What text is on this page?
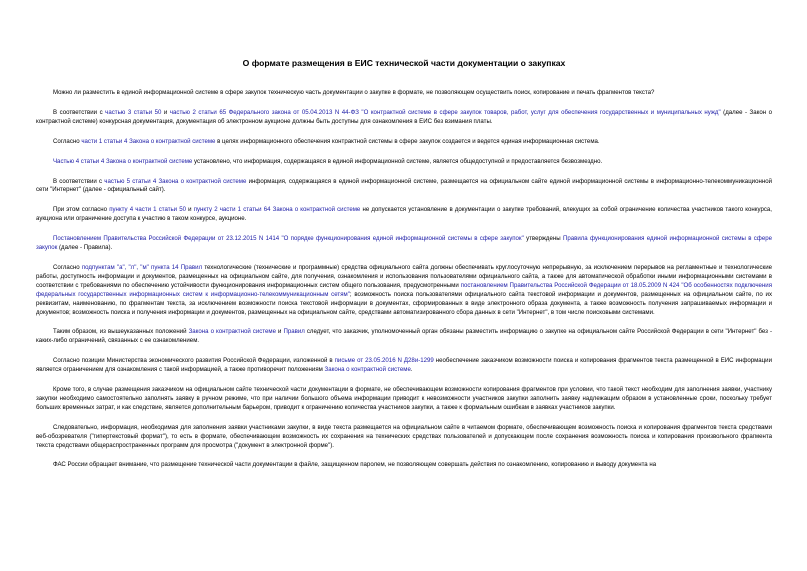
О формате размещения в ЕИС технической части документации о закупках

Можно ли разместить в единой информационной системе в сфере закупок техническую часть документации о закупке в формате, не позволяющем осуществить поиск, копирование и печать фрагментов текста?

В соответствии с частью 3 статьи 50 и частью 2 статьи 65 Федерального закона от 05.04.2013 N 44-ФЗ "О контрактной системе в сфере закупок товаров, работ, услуг для обеспечения государственных и муниципальных нужд" (далее - Закон о контрактной системе) конкурсная документация, документация об электронном аукционе должны быть доступны для ознакомления в ЕИС без взимания платы.

Согласно части 1 статьи 4 Закона о контрактной системе в целях информационного обеспечения контрактной системы в сфере закупок создается и ведется единая информационная система.

Частью 4 статьи 4 Закона о контрактной системе установлено, что информация, содержащаяся в единой информационной системе, является общедоступной и предоставляется безвозмездно.

В соответствии с частью 5 статьи 4 Закона о контрактной системе информация, содержащаяся в единой информационной системе, размещается на официальном сайте единой информационной системы в информационно-телекоммуникационной сети "Интернет" (далее - официальный сайт).

При этом согласно пункту 4 части 1 статьи 50 и пункту 2 части 1 статьи 64 Закона о контрактной системе не допускается установление в документации о закупке требований, влекущих за собой ограничение количества участников такого конкурса, аукциона или ограничение доступа к участию в таком конкурсе, аукционе.

Постановлением Правительства Российской Федерации от 23.12.2015 N 1414 "О порядке функционирования единой информационной системы в сфере закупок" утверждены Правила функционирования единой информационной системы в сфере закупок (далее - Правила).

Согласно подпунктам "а", "л", "м" пункта 14 Правил технологические (технические и программные) средства официального сайта должны обеспечивать круглосуточную непрерывную, за исключением перерывов на регламентные и технологические работы, доступность информации и документов, размещенных на официальном сайте, для получения, ознакомления и использования пользователями официального сайта, а также для автоматической обработки иными информационными системами в соответствии с требованиями по обеспечению устойчивости функционирования информационных систем общего пользования, предусмотренными постановлением Правительства Российской Федерации от 18.05.2009 N 424 "Об особенностях подключения федеральных государственных информационных систем к информационно-телекоммуникационным сетям"; возможность поиска пользователями официального сайта текстовой информации и документов, размещенных на официальном сайте, по их реквизитам, наименованию, по фрагментам текста, за исключением возможности поиска текстовой информации в документах, сформированных в виде электронного образа документа, а также возможность получения запрашиваемых информации и документов; возможность поиска и получения информации и документов, размещенных на официальном сайте, средствами автоматизированного сбора данных в сети "Интернет", в том числе поисковыми системами.

Таким образом, из вышеуказанных положений Закона о контрактной системе и Правил следует, что заказчик, уполномоченный орган обязаны разместить информацию о закупке на официальном сайте Российской Федерации в сети "Интернет" без - каких-либо ограничений, связанных с ее ознакомлением.

Согласно позиции Министерства экономического развития Российской Федерации, изложенной в письме от 23.05.2016 N Д28и-1299 необеспечение заказчиком возможности поиска и копирования фрагментов текста размещенной в ЕИС информации является ограничением для ознакомления с такой информацией, а также противоречит положениям Закона о контрактной системе.

Кроме того, в случае размещения заказчиком на официальном сайте технической части документации в формате, не обеспечивающем возможности копирования фрагментов при условии, что такой текст необходим для заполнения заявки, участнику закупки необходимо самостоятельно заполнять заявку в ручном режиме, что при наличии большого объема информации приводит к невозможности участников закупки заполнить заявку надлежащим образом в установленные сроки, поскольку требует больших временных затрат, и как следствие, является дополнительным барьером, приводит к ограничению количества участников закупки, а также к формальным ошибкам в заявках участников закупки.

Следовательно, информация, необходимая для заполнения заявки участниками закупки, в виде текста размещается на официальном сайте в читаемом формате, обеспечивающем возможность поиска и копирования фрагментов текста средствами веб-обозревателя ("гипертекстовый формат"), то есть в формате, обеспечивающем возможность их сохранения на технических средствах пользователей и допускающем после сохранения возможность поиска и копирования произвольного фрагмента текста средствами общераспространенных программ для просмотра ("документ в электронной форме").

ФАС России обращает внимание, что размещение технической части документации в файле, защищенном паролем, не позволяющем совершать действия по ознакомлению, копированию и выводу документа на
